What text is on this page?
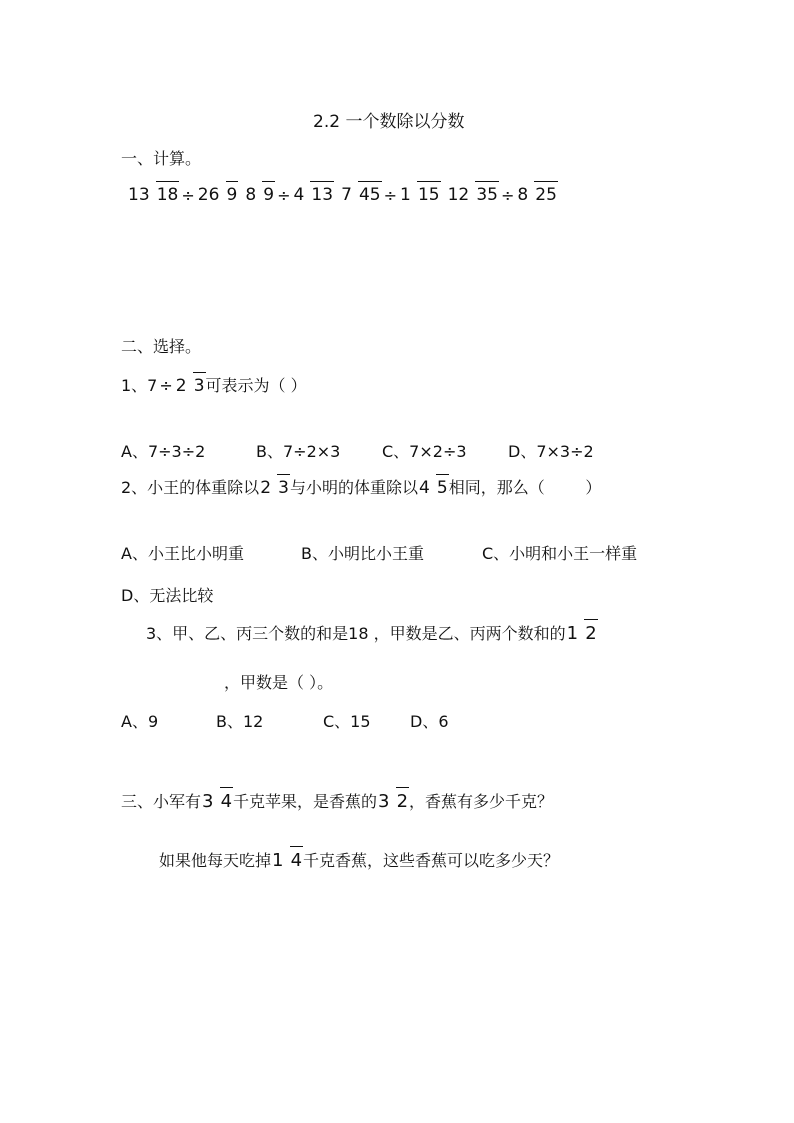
2.2 一个数除以分数
一、计算。
13 18 ÷ 26 9 8 9 ÷ 4 13 7 45 ÷ 1 15 12 35 ÷ 8 25
二、选择。
1、7 ÷ 2 3 可表示为（ ）
A、7÷3÷2	B、7÷2×3	C、7×2÷3	D、7×3÷2
2、小王的体重除以 2 3 与小明的体重除以 4 5 相同，那么（        ）
A、小王比小明重	B、小明比小王重	C、小明和小王一样重
D、无法比较
3、甲、乙、丙三个数的和是18 ，甲数是乙、丙两个数和的 1 2
，甲数是（ ）。
A、9	B、12	C、15 D、6
三、小军有 3 4 千克苹果，是香蕉的 3 2 ，香蕉有多少千克？
如果他每天吃掉 1 4 千克香蕉，这些香蕉可以吃多少天？
